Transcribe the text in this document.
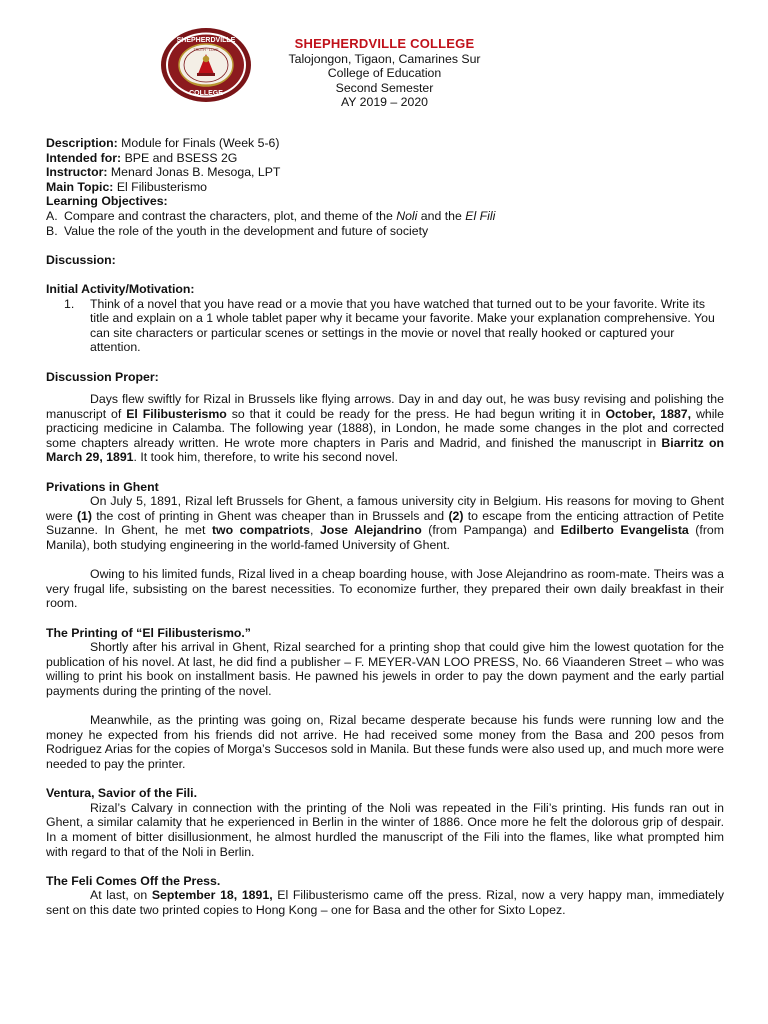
SHEPHERDVILLE
COLLEGE
TRUTH · LOVE	SHEPHERDVILLE COLLEGE
Talojongon, Tigaon, Camarines Sur
College of Education
Second Semester
AY 2019 – 2020
Description: Module for Finals (Week 5-6)
Intended for: BPE and BSESS 2G
Instructor: Menard Jonas B. Mesoga, LPT
Main Topic: El Filibusterismo
Learning Objectives:
A. Compare and contrast the characters, plot, and theme of the Noli and the El Fili
B. Value the role of the youth in the development and future of society
Discussion:
Initial Activity/Motivation:
1.	Think of a novel that you have read or a movie that you have watched that turned out to be your favorite. Write its title and explain on a 1 whole tablet paper why it became your favorite. Make your explanation comprehensive. You can site characters or particular scenes or settings in the movie or novel that really hooked or captured your attention.
Discussion Proper:
Days flew swiftly for Rizal in Brussels like flying arrows. Day in and day out, he was busy revising and polishing the manuscript of El Filibusterismo so that it could be ready for the press. He had begun writing it in October, 1887, while practicing medicine in Calamba. The following year (1888), in London, he made some changes in the plot and corrected some chapters already written. He wrote more chapters in Paris and Madrid, and finished the manuscript in Biarritz on March 29, 1891. It took him, therefore, to write his second novel.
Privations in Ghent
On July 5, 1891, Rizal left Brussels for Ghent, a famous university city in Belgium. His reasons for moving to Ghent were (1) the cost of printing in Ghent was cheaper than in Brussels and (2) to escape from the enticing attraction of Petite Suzanne. In Ghent, he met two compatriots, Jose Alejandrino (from Pampanga) and Edilberto Evangelista (from Manila), both studying engineering in the world-famed University of Ghent.
Owing to his limited funds, Rizal lived in a cheap boarding house, with Jose Alejandrino as room-mate. Theirs was a very frugal life, subsisting on the barest necessities. To economize further, they prepared their own daily breakfast in their room.
The Printing of “El Filibusterismo.”
Shortly after his arrival in Ghent, Rizal searched for a printing shop that could give him the lowest quotation for the publication of his novel. At last, he did find a publisher – F. MEYER-VAN LOO PRESS, No. 66 Viaanderen Street – who was willing to print his book on installment basis. He pawned his jewels in order to pay the down payment and the early partial payments during the printing of the novel.
Meanwhile, as the printing was going on, Rizal became desperate because his funds were running low and the money he expected from his friends did not arrive. He had received some money from the Basa and 200 pesos from Rodriguez Arias for the copies of Morga’s Succesos sold in Manila. But these funds were also used up, and much more were needed to pay the printer.
Ventura, Savior of the Fili.
Rizal’s Calvary in connection with the printing of the Noli was repeated in the Fili’s printing. His funds ran out in Ghent, a similar calamity that he experienced in Berlin in the winter of 1886. Once more he felt the dolorous grip of despair. In a moment of bitter disillusionment, he almost hurdled the manuscript of the Fili into the flames, like what prompted him with regard to that of the Noli in Berlin.
The Feli Comes Off the Press.
At last, on September 18, 1891, El Filibusterismo came off the press. Rizal, now a very happy man, immediately sent on this date two printed copies to Hong Kong – one for Basa and the other for Sixto Lopez.
